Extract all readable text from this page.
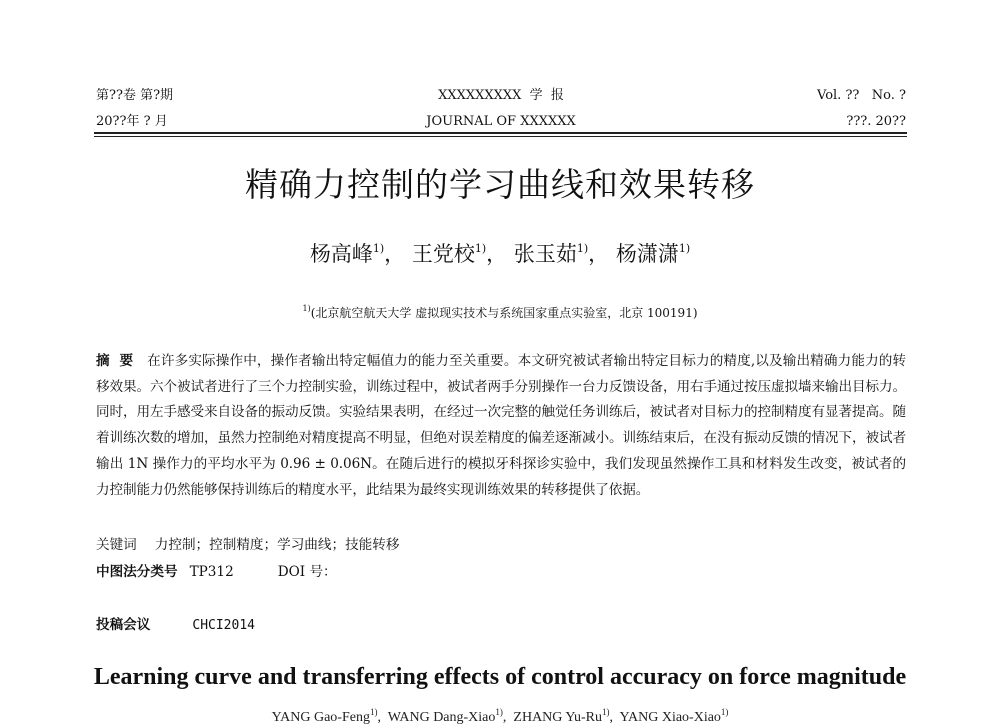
第??卷 第?期	XXXXXXXXX  学  报	Vol. ??   No. ?
20??年 ? 月	JOURNAL OF XXXXXX	???. 20??
精确力控制的学习曲线和效果转移
杨高峰$^{1)}$， 王党校$^{1)}$， 张玉茹$^{1)}$， 杨潇潇$^{1)}$
$^{1)}$(北京航空航天大学 虚拟现实技术与系统国家重点实验室，北京 100191)
摘  要 在许多实际操作中，操作者输出特定幅值力的能力至关重要。本文研究被试者输出特定目标力的精度,以及输出精确力能力的转移效果。六个被试者进行了三个力控制实验，训练过程中，被试者两手分别操作一台力反馈设备，用右手通过按压虚拟墙来输出目标力。同时，用左手感受来自设备的振动反馈。实验结果表明，在经过一次完整的触觉任务训练后，被试者对目标力的控制精度有显著提高。随着训练次数的增加，虽然力控制绝对精度提高不明显，但绝对误差精度的偏差逐渐减小。训练结束后，在没有振动反馈的情况下，被试者输出 1N 操作力的平均水平为 0.96 ± 0.06N。在随后进行的模拟牙科探诊实验中，我们发现虽然操作工具和材料发生改变，被试者的力控制能力仍然能够保持训练后的精度水平，此结果为最终实现训练效果的转移提供了依据。
关键词 力控制；控制精度；学习曲线；技能转移
中图法分类号 TP312	DOI 号：
投稿会议	CHCI2014
Learning curve and transferring effects of control accuracy on force magnitude
YANG Gao-Feng$^{1)}$,  WANG Dang-Xiao$^{1)}$,  ZHANG Yu-Ru$^{1)}$,  YANG Xiao-Xiao$^{1)}$
